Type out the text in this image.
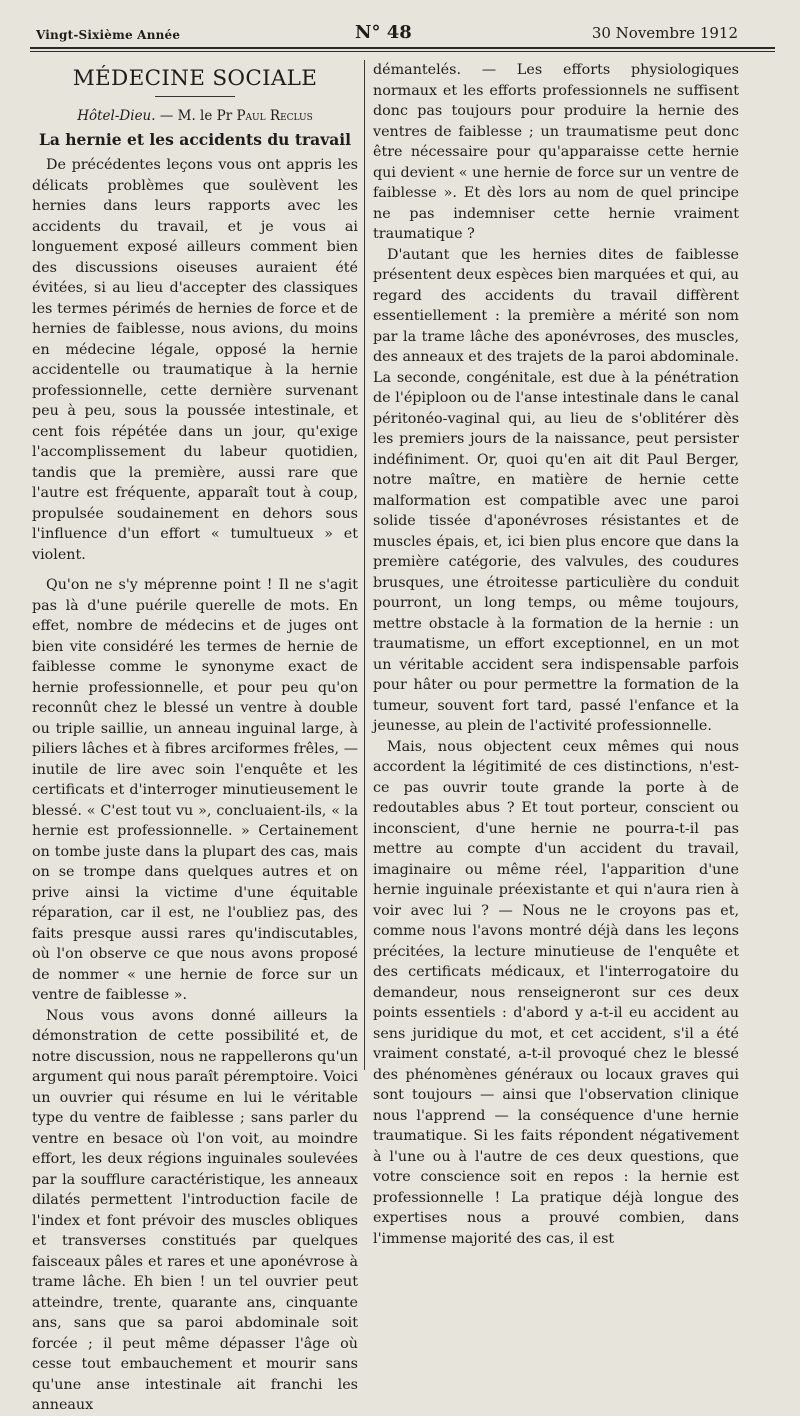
Vingt-Sixième Année	N° 48	30 Novembre 1912
MÉDECINE SOCIALE
Hôtel-Dieu. — M. le Pr Paul Reclus
La hernie et les accidents du travail

De précédentes leçons vous ont appris les délicats problèmes que soulèvent les hernies dans leurs rapports avec les accidents du travail, et je vous ai longuement exposé ailleurs comment bien des discussions oiseuses auraient été évitées, si au lieu d'accepter des classiques les termes périmés de hernies de force et de hernies de faiblesse, nous avions, du moins en médecine légale, opposé la hernie accidentelle ou traumatique à la hernie professionnelle, cette dernière survenant peu à peu, sous la poussée intestinale, et cent fois répétée dans un jour, qu'exige l'accomplissement du labeur quotidien, tandis que la première, aussi rare que l'autre est fréquente, apparaît tout à coup, propulsée soudainement en dehors sous l'influence d'un effort « tumultueux » et violent.

Qu'on ne s'y méprenne point ! Il ne s'agit pas là d'une puérile querelle de mots. En effet, nombre de médecins et de juges ont bien vite considéré les termes de hernie de faiblesse comme le synonyme exact de hernie professionnelle, et pour peu qu'on reconnût chez le blessé un ventre à double ou triple saillie, un anneau inguinal large, à piliers lâches et à fibres arciformes frêles, — inutile de lire avec soin l'enquête et les certificats et d'interroger minutieusement le blessé. « C'est tout vu », concluaient-ils, « la hernie est professionnelle. » Certainement on tombe juste dans la plupart des cas, mais on se trompe dans quelques autres et on prive ainsi la victime d'une équitable réparation, car il est, ne l'oubliez pas, des faits presque aussi rares qu'indiscutables, où l'on observe ce que nous avons proposé de nommer « une hernie de force sur un ventre de faiblesse ».

Nous vous avons donné ailleurs la démonstration de cette possibilité et, de notre discussion, nous ne rappellerons qu'un argument qui nous paraît péremptoire. Voici un ouvrier qui résume en lui le véritable type du ventre de faiblesse ; sans parler du ventre en besace où l'on voit, au moindre effort, les deux régions inguinales soulevées par la soufflure caractéristique, les anneaux dilatés permettent l'introduction facile de l'index et font prévoir des muscles obliques et transverses constitués par quelques faisceaux pâles et rares et une aponévrose à trame lâche. Eh bien ! un tel ouvrier peut atteindre, trente, quarante ans, cinquante ans, sans que sa paroi abdominale soit forcée ; il peut même dépasser l'âge où cesse tout embauchement et mourir sans qu'une anse intestinale ait franchi les anneaux

démantelés. — Les efforts physiologiques normaux et les efforts professionnels ne suffisent donc pas toujours pour produire la hernie des ventres de faiblesse ; un traumatisme peut donc être nécessaire pour qu'apparaisse cette hernie qui devient « une hernie de force sur un ventre de faiblesse ». Et dès lors au nom de quel principe ne pas indemniser cette hernie vraiment traumatique ?

D'autant que les hernies dites de faiblesse présentent deux espèces bien marquées et qui, au regard des accidents du travail diffèrent essentiellement : la première a mérité son nom par la trame lâche des aponévroses, des muscles, des anneaux et des trajets de la paroi abdominale. La seconde, congénitale, est due à la pénétration de l'épiploon ou de l'anse intestinale dans le canal péritonéo-vaginal qui, au lieu de s'oblitérer dès les premiers jours de la naissance, peut persister indéfiniment. Or, quoi qu'en ait dit Paul Berger, notre maître, en matière de hernie cette malformation est compatible avec une paroi solide tissée d'aponévroses résistantes et de muscles épais, et, ici bien plus encore que dans la première catégorie, des valvules, des coudures brusques, une étroitesse particulière du conduit pourront, un long temps, ou même toujours, mettre obstacle à la formation de la hernie : un traumatisme, un effort exceptionnel, en un mot un véritable accident sera indispensable parfois pour hâter ou pour permettre la formation de la tumeur, souvent fort tard, passé l'enfance et la jeunesse, au plein de l'activité professionnelle.

Mais, nous objectent ceux mêmes qui nous accordent la légitimité de ces distinctions, n'est-ce pas ouvrir toute grande la porte à de redoutables abus ? Et tout porteur, conscient ou inconscient, d'une hernie ne pourra-t-il pas mettre au compte d'un accident du travail, imaginaire ou même réel, l'apparition d'une hernie inguinale préexistante et qui n'aura rien à voir avec lui ? — Nous ne le croyons pas et, comme nous l'avons montré déjà dans les leçons précitées, la lecture minutieuse de l'enquête et des certificats médicaux, et l'interrogatoire du demandeur, nous renseigneront sur ces deux points essentiels : d'abord y a-t-il eu accident au sens juridique du mot, et cet accident, s'il a été vraiment constaté, a-t-il provoqué chez le blessé des phénomènes généraux ou locaux graves qui sont toujours — ainsi que l'observation clinique nous l'apprend — la conséquence d'une hernie traumatique. Si les faits répondent négativement à l'une ou à l'autre de ces deux questions, que votre conscience soit en repos : la hernie est professionnelle ! La pratique déjà longue des expertises nous a prouvé combien, dans l'immense majorité des cas, il est
